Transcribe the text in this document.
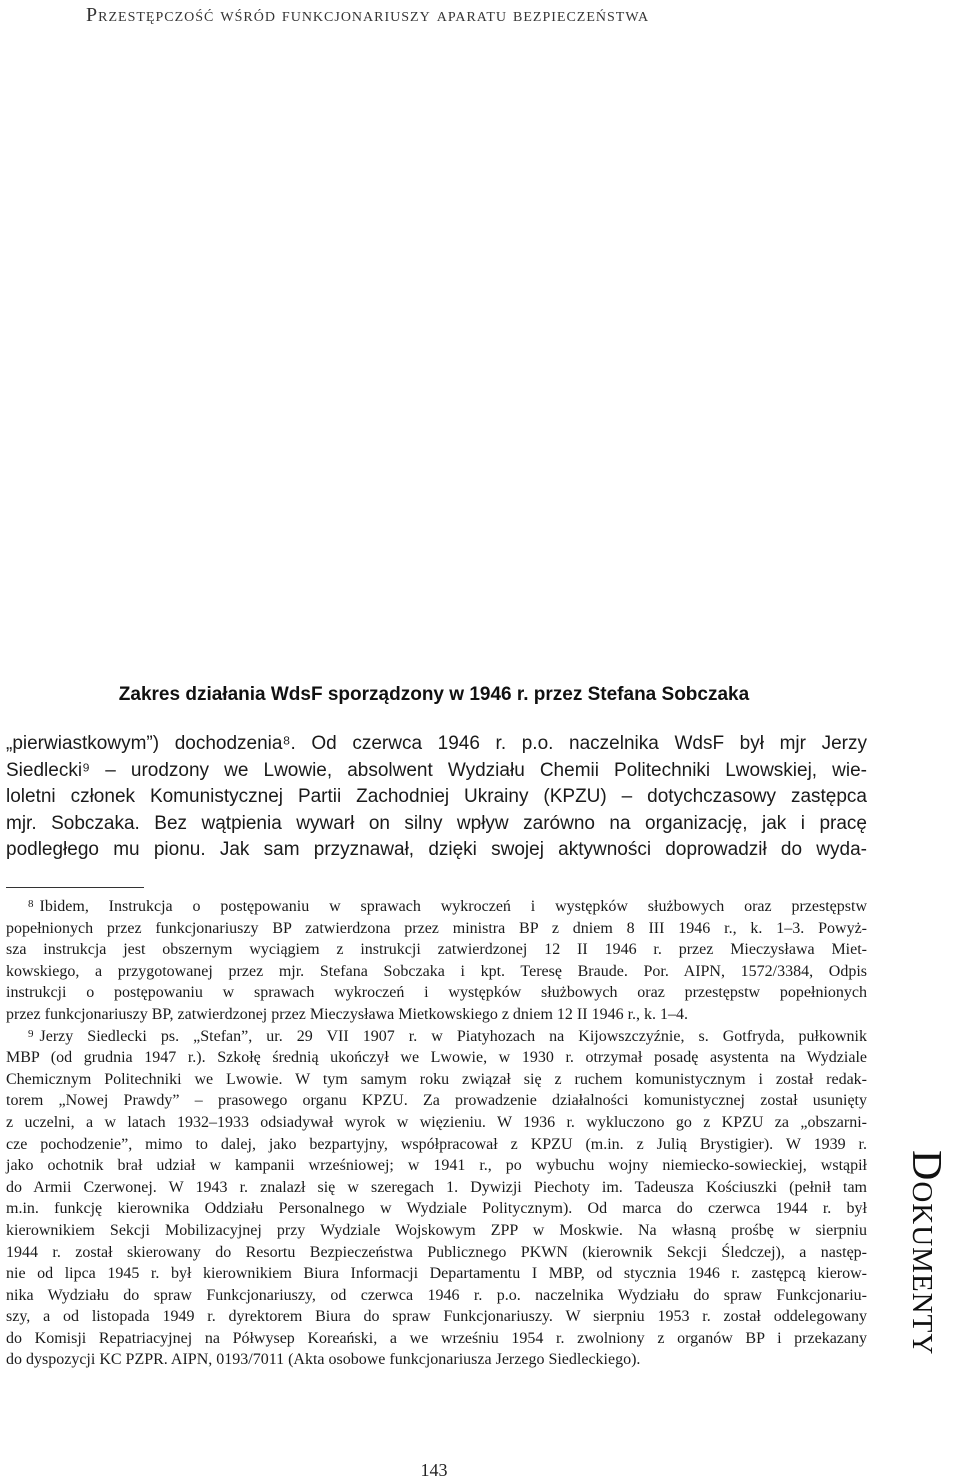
Przestępczość wśród funkcjonariuszy aparatu bezpieczeństwa
Zakres działania WdsF sporządzony w 1946 r. przez Stefana Sobczaka
„pierwiastkowym”) dochodzenia⁸. Od czerwca 1946 r. p.o. naczelnika WdsF był mjr Jerzy
Siedlecki⁹ – urodzony we Lwowie, absolwent Wydziału Chemii Politechniki Lwowskiej, wie-
loletni członek Komunistycznej Partii Zachodniej Ukrainy (KPZU) – dotychczasowy zastępca
mjr. Sobczaka. Bez wątpienia wywarł on silny wpływ zarówno na organizację, jak i pracę
podległego mu pionu. Jak sam przyznawał, dzięki swojej aktywności doprowadził do wyda-
$^8$ Ibidem, Instrukcja o postępowaniu w sprawach wykroczeń i występków służbowych oraz przestępstw
popełnionych przez funkcjonariuszy BP zatwierdzona przez ministra BP z dniem 8 III 1946 r., k. 1–3. Powyż-
sza instrukcja jest obszernym wyciągiem z instrukcji zatwierdzonej 12 II 1946 r. przez Mieczysława Miet-
kowskiego, a przygotowanej przez mjr. Stefana Sobczaka i kpt. Teresę Braude. Por. AIPN, 1572/3384, Odpis
instrukcji o postępowaniu w sprawach wykroczeń i występków służbowych oraz przestępstw popełnionych
przez funkcjonariuszy BP, zatwierdzonej przez Mieczysława Mietkowskiego z dniem 12 II 1946 r., k. 1–4.
$^9$ Jerzy Siedlecki ps. „Stefan”, ur. 29 VII 1907 r. w Piatyhozach na Kijowszczyźnie, s. Gotfryda, pułkownik
MBP (od grudnia 1947 r.). Szkołę średnią ukończył we Lwowie, w 1930 r. otrzymał posadę asystenta na Wydziale
Chemicznym Politechniki we Lwowie. W tym samym roku związał się z ruchem komunistycznym i został redak-
torem „Nowej Prawdy” – prasowego organu KPZU. Za prowadzenie działalności komunistycznej został usunięty
z uczelni, a w latach 1932–1933 odsiadywał wyrok w więzieniu. W 1936 r. wykluczono go z KPZU za „obszarni-
cze pochodzenie”, mimo to dalej, jako bezpartyjny, współpracował z KPZU (m.in. z Julią Brystigier). W 1939 r.
jako ochotnik brał udział w kampanii wrześniowej; w 1941 r., po wybuchu wojny niemiecko-sowieckiej, wstąpił
do Armii Czerwonej. W 1943 r. znalazł się w szeregach 1. Dywizji Piechoty im. Tadeusza Kościuszki (pełnił tam
m.in. funkcję kierownika Oddziału Personalnego w Wydziale Politycznym). Od marca do czerwca 1944 r. był
kierownikiem Sekcji Mobilizacyjnej przy Wydziale Wojskowym ZPP w Moskwie. Na własną prośbę w sierpniu
1944 r. został skierowany do Resortu Bezpieczeństwa Publicznego PKWN (kierownik Sekcji Śledczej), a następ-
nie od lipca 1945 r. był kierownikiem Biura Informacji Departamentu I MBP, od stycznia 1946 r. zastępcą kierow-
nika Wydziału do spraw Funkcjonariuszy, od czerwca 1946 r. p.o. naczelnika Wydziału do spraw Funkcjonariu-
szy, a od listopada 1949 r. dyrektorem Biura do spraw Funkcjonariuszy. W sierpniu 1953 r. został oddelegowany
do Komisji Repatriacyjnej na Półwysep Koreański, a we wrześniu 1954 r. zwolniony z organów BP i przekazany
do dyspozycji KC PZPR. AIPN, 0193/7011 (Akta osobowe funkcjonariusza Jerzego Siedleckiego).
Dokumenty
143
